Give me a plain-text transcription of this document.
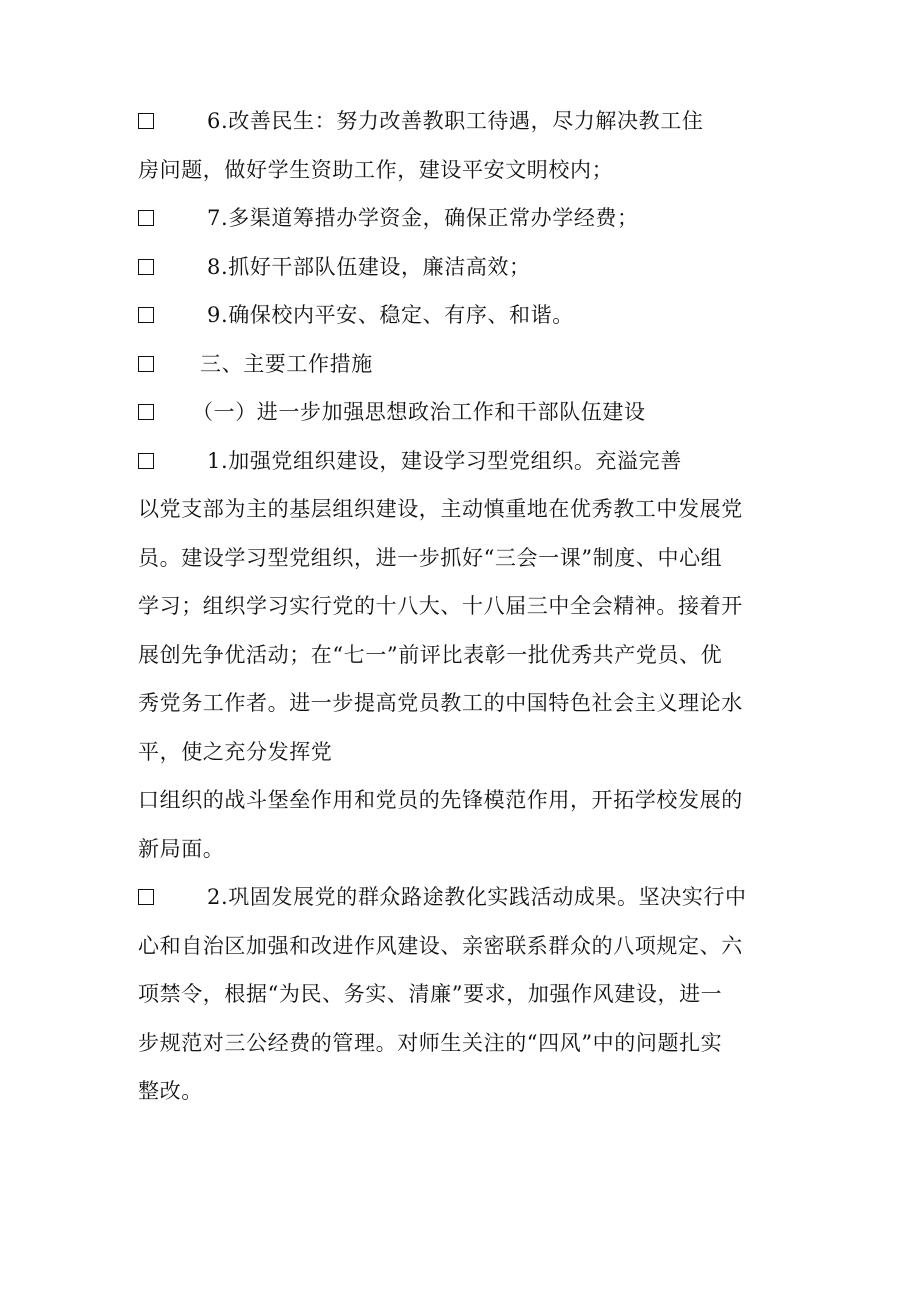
6.改善民生：努力改善教职工待遇，尽力解决教工住
房问题，做好学生资助工作，建设平安文明校内；
7.多渠道筹措办学资金，确保正常办学经费；
8.抓好干部队伍建设，廉洁高效；
9.确保校内平安、稳定、有序、和谐。
三、主要工作措施
（一）进一步加强思想政治工作和干部队伍建设
1.加强党组织建设，建设学习型党组织。充溢完善
以党支部为主的基层组织建设，主动慎重地在优秀教工中发展党
员。建设学习型党组织，进一步抓好“三会一课”制度、中心组
学习；组织学习实行党的十八大、十八届三中全会精神。接着开
展创先争优活动；在“七一”前评比表彰一批优秀共产党员、优
秀党务工作者。进一步提高党员教工的中国特色社会主义理论水
平，使之充分发挥党
口组织的战斗堡垒作用和党员的先锋模范作用，开拓学校发展的
新局面。
2.巩固发展党的群众路途教化实践活动成果。坚决实行中
心和自治区加强和改进作风建设、亲密联系群众的八项规定、六
项禁令，根据“为民、务实、清廉”要求，加强作风建设，进一
步规范对三公经费的管理。对师生关注的“四风”中的问题扎实
整改。
